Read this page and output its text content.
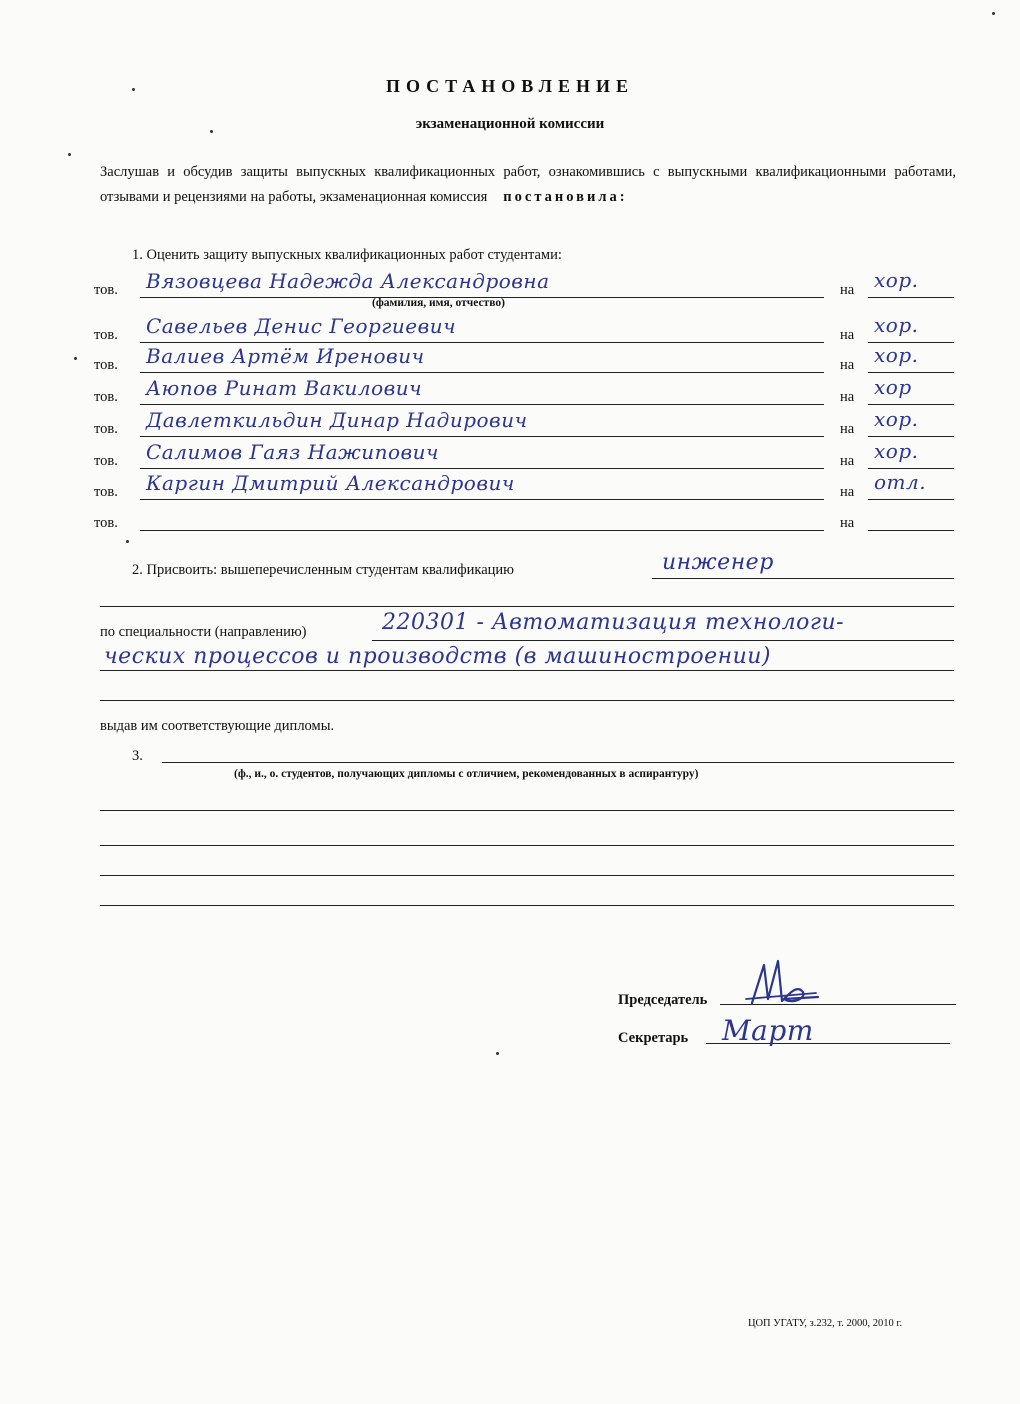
ПОСТАНОВЛЕНИЕ
экзаменационной комиссии
Заслушав и обсудив защиты выпускных квалификационных работ, ознакомившись с выпускными квалификационными работами, отзывами и рецензиями на работы, экзаменационная комиссия постановила:
1. Оценить защиту выпускных квалификационных работ студентами:
тов. Вязовцева Надежда Александровна	на хор.
тов. Савельев Денис Георгиевич	на хор.
тов. Валиев Артём Иренович	на хор.
тов. Аюпов Ринат Вакилович	на хор
тов. Давлеткильдин Динар Надирович	на хор.
тов. Салимов Гаяз Нажипович	на хор.
тов. Каргин Дмитрий Александрович	на отл.
тов.	на
(фамилия, имя, отчество)
2. Присвоить: вышеперечисленным студентам квалификацию	инженер
по специальности (направлению)	220301 - Автоматизация технологи-
ческих процессов и производств (в машиностроении)
выдав им соответствующие дипломы.
3.
(ф., и., о. студентов, получающих дипломы с отличием, рекомендованных в аспирантуру)
Председатель
Секретарь Март
ЦОП УГАТУ, з.232, т. 2000, 2010 г.
